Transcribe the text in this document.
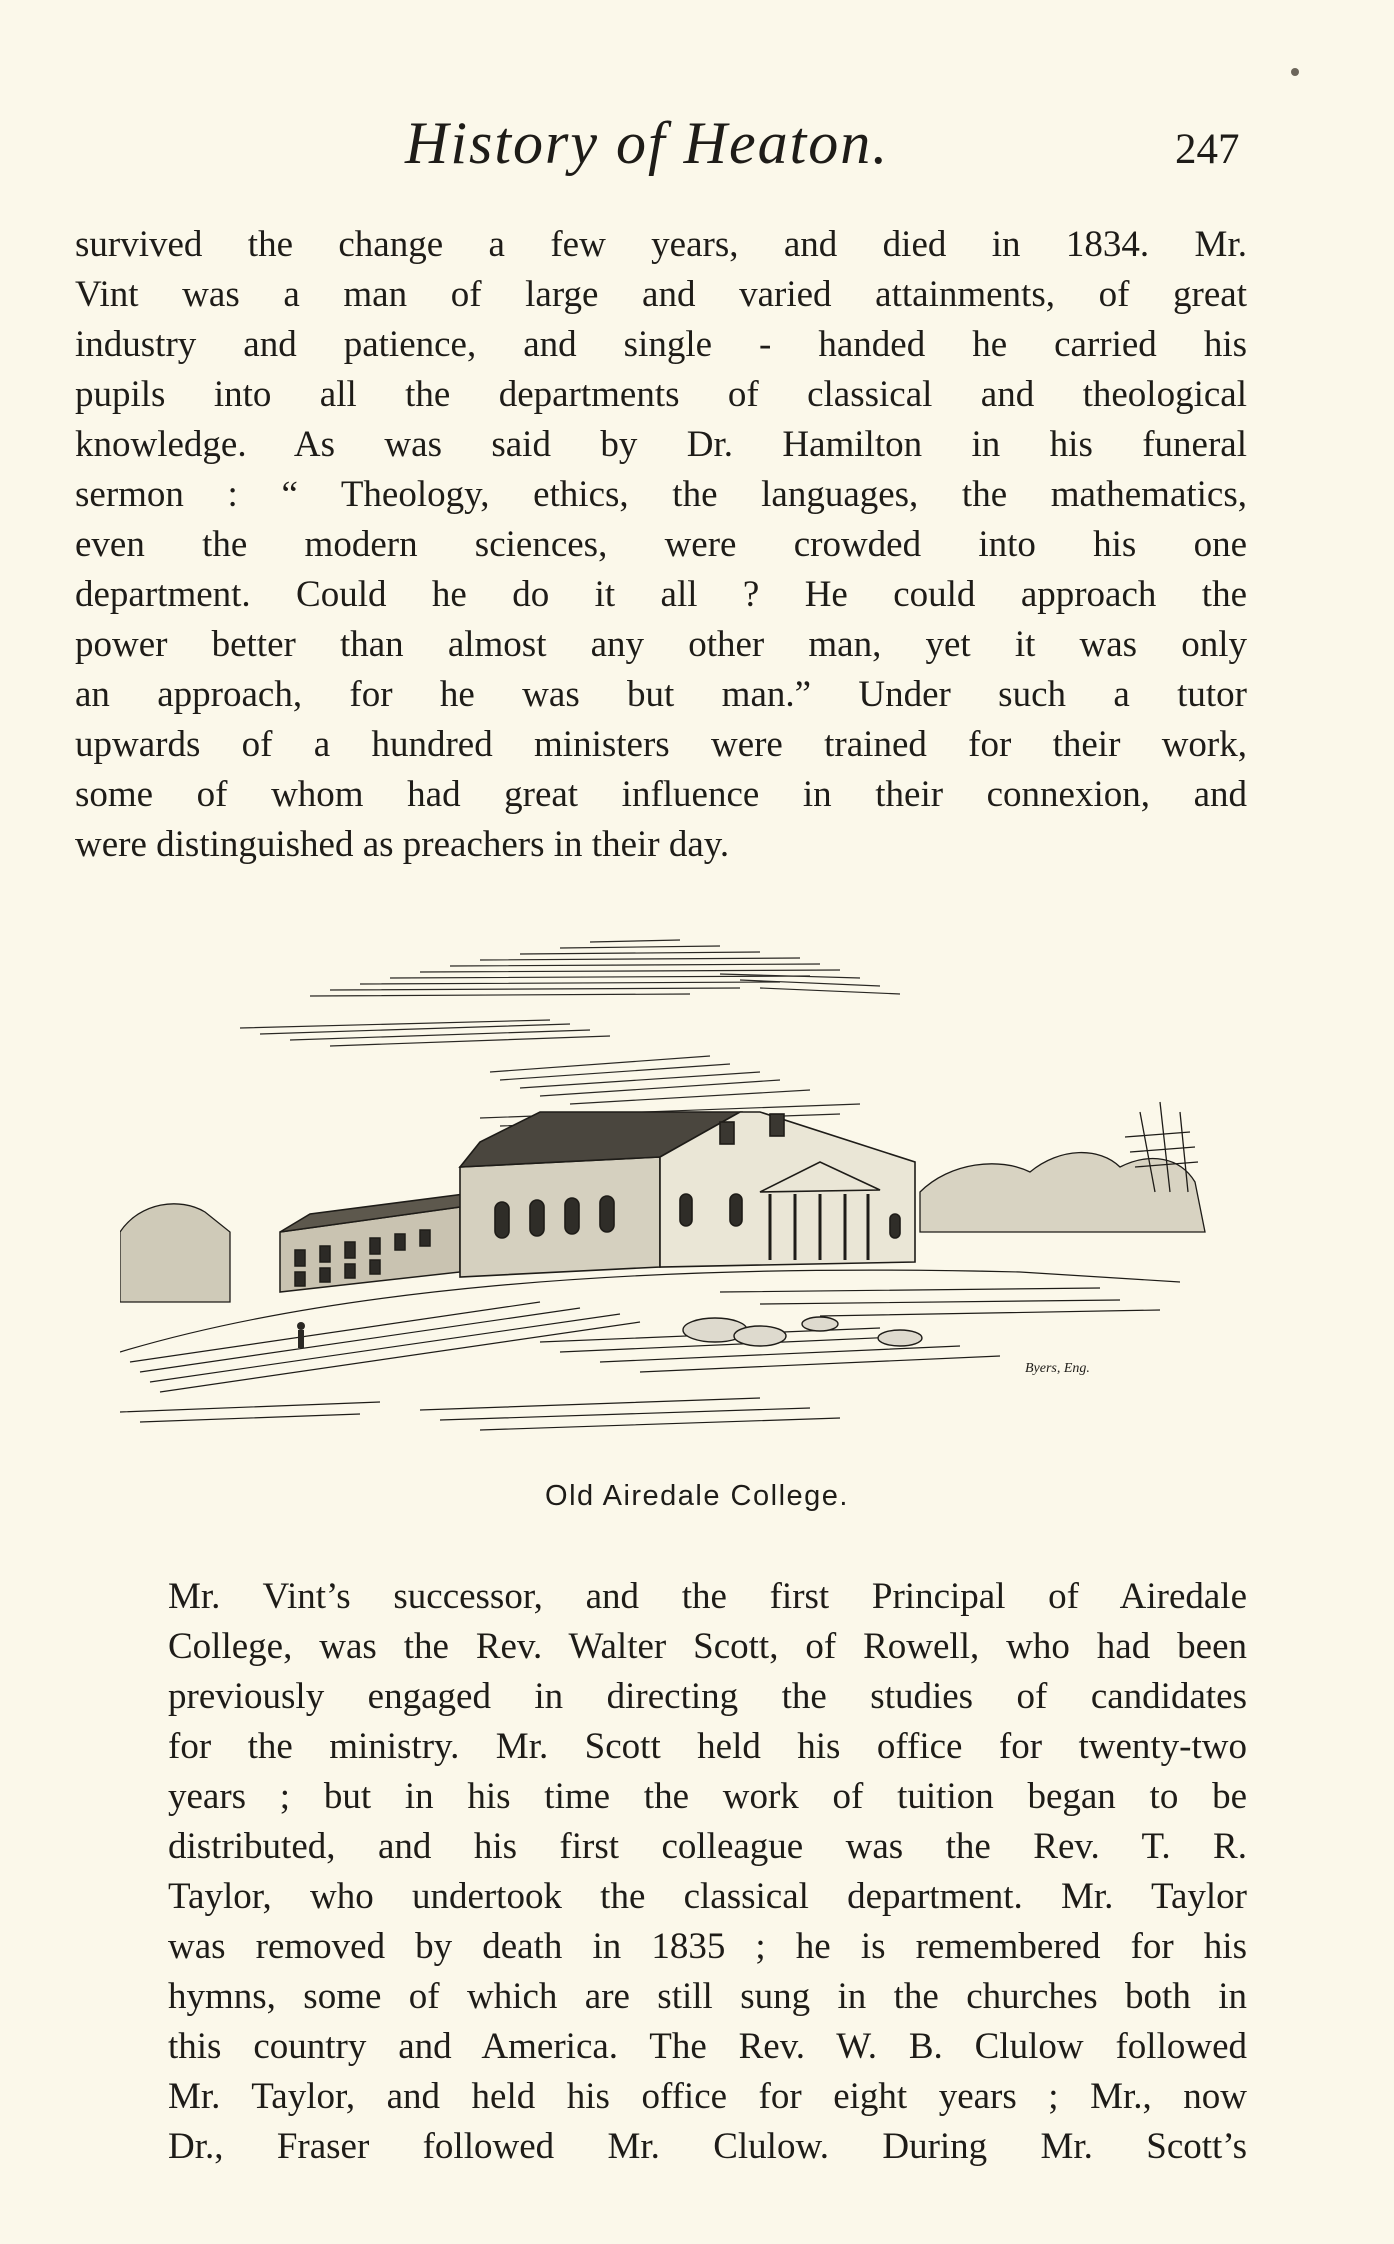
History of Heaton.	247
survived the change a few years, and died in 1834. Mr.
Vint was a man of large and varied attainments, of great
industry and patience, and single - handed he carried his
pupils into all the departments of classical and theological
knowledge. As was said by Dr. Hamilton in his funeral
sermon : “ Theology, ethics, the languages, the mathematics,
even the modern sciences, were crowded into his one
department. Could he do it all ? He could approach the
power better than almost any other man, yet it was only
an approach, for he was but man.” Under such a tutor
upwards of a hundred ministers were trained for their work,
some of whom had great influence in their connexion, and
were distinguished as preachers in their day.
Byers, Eng.
Old Airedale College.
Mr. Vint’s successor, and the first Principal of Airedale
College, was the Rev. Walter Scott, of Rowell, who had been
previously engaged in directing the studies of candidates
for the ministry. Mr. Scott held his office for twenty-two
years ; but in his time the work of tuition began to be
distributed, and his first colleague was the Rev. T. R.
Taylor, who undertook the classical department. Mr. Taylor
was removed by death in 1835 ; he is remembered for his
hymns, some of which are still sung in the churches both in
this country and America. The Rev. W. B. Clulow followed
Mr. Taylor, and held his office for eight years ; Mr., now
Dr., Fraser followed Mr. Clulow. During Mr. Scott’s
